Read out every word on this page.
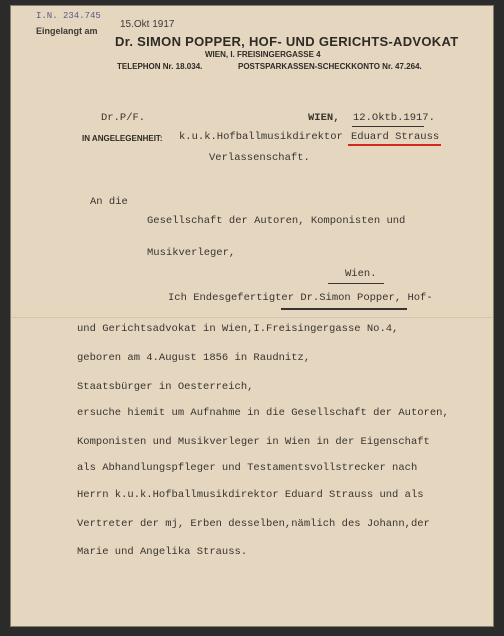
I.N. 234.745
Eingelangt am
15.Okt 1917
Dr. SIMON POPPER, HOF- UND GERICHTS-ADVOKAT
WIEN, I. FREISINGERGASSE 4
TELEPHON Nr. 18.034.	POSTSPARKASSEN-SCHECKKONTO Nr. 47.264.
Dr.P/F.	WIEN, 12.Oktb.1917.
IN ANGELEGENHEIT: k.u.k.Hofballmusikdirektor Eduard Strauss
Verlassenschaft.
An die
Gesellschaft der Autoren, Komponisten und
Musikverleger,
Wien.
Ich Endesgefertigter Dr.Simon Popper, Hof-
und Gerichtsadvokat in Wien,I.Freisingergasse No.4,
geboren am 4.August 1856 in Raudnitz,
Staatsbürger in Oesterreich,
ersuche hiemit um Aufnahme in die Gesellschaft der Autoren,
Komponisten und Musikverleger in Wien in der Eigenschaft
als Abhandlungspfleger und Testamentsvollstrecker nach
Herrn k.u.k.Hofballmusikdirektor Eduard Strauss und als
Vertreter der mj, Erben desselben,nämlich des Johann,der
Marie und Angelika Strauss.
